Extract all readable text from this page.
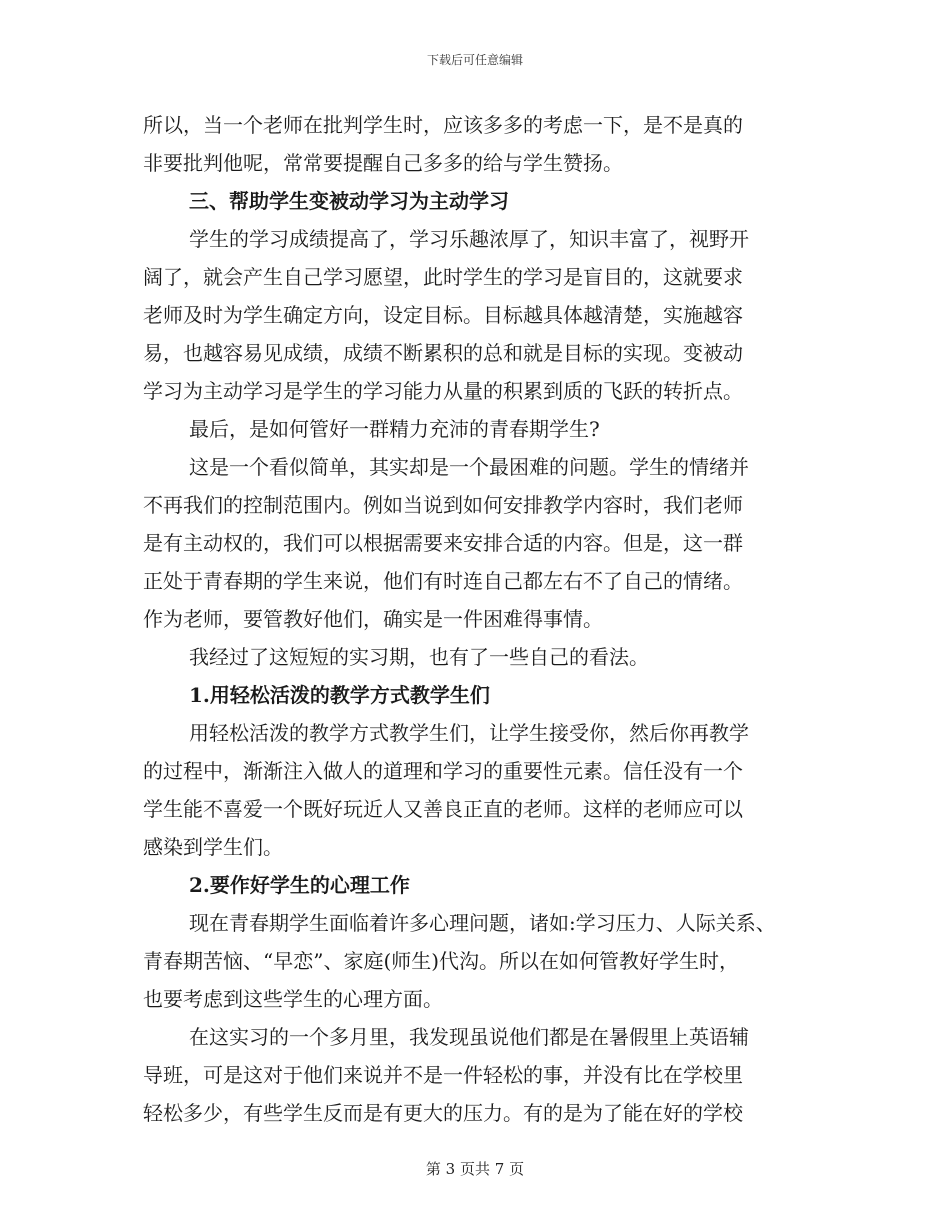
下载后可任意编辑
所以，当一个老师在批判学生时，应该多多的考虑一下，是不是真的
非要批判他呢，常常要提醒自己多多的给与学生赞扬。
三、帮助学生变被动学习为主动学习
学生的学习成绩提高了，学习乐趣浓厚了，知识丰富了，视野开
阔了，就会产生自己学习愿望，此时学生的学习是盲目的，这就要求
老师及时为学生确定方向，设定目标。目标越具体越清楚，实施越容
易，也越容易见成绩，成绩不断累积的总和就是目标的实现。变被动
学习为主动学习是学生的学习能力从量的积累到质的飞跃的转折点。
最后，是如何管好一群精力充沛的青春期学生?
这是一个看似简单，其实却是一个最困难的问题。学生的情绪并
不再我们的控制范围内。例如当说到如何安排教学内容时，我们老师
是有主动权的，我们可以根据需要来安排合适的内容。但是，这一群
正处于青春期的学生来说，他们有时连自己都左右不了自己的情绪。
作为老师，要管教好他们，确实是一件困难得事情。
我经过了这短短的实习期，也有了一些自己的看法。
1.用轻松活泼的教学方式教学生们
用轻松活泼的教学方式教学生们，让学生接受你，然后你再教学
的过程中，渐渐注入做人的道理和学习的重要性元素。信任没有一个
学生能不喜爱一个既好玩近人又善良正直的老师。这样的老师应可以
感染到学生们。
2.要作好学生的心理工作
现在青春期学生面临着许多心理问题，诸如:学习压力、人际关系、
青春期苦恼、“早恋”、家庭(师生)代沟。所以在如何管教好学生时，
也要考虑到这些学生的心理方面。
在这实习的一个多月里，我发现虽说他们都是在暑假里上英语辅
导班，可是这对于他们来说并不是一件轻松的事，并没有比在学校里
轻松多少，有些学生反而是有更大的压力。有的是为了能在好的学校
第 3 页共 7 页
